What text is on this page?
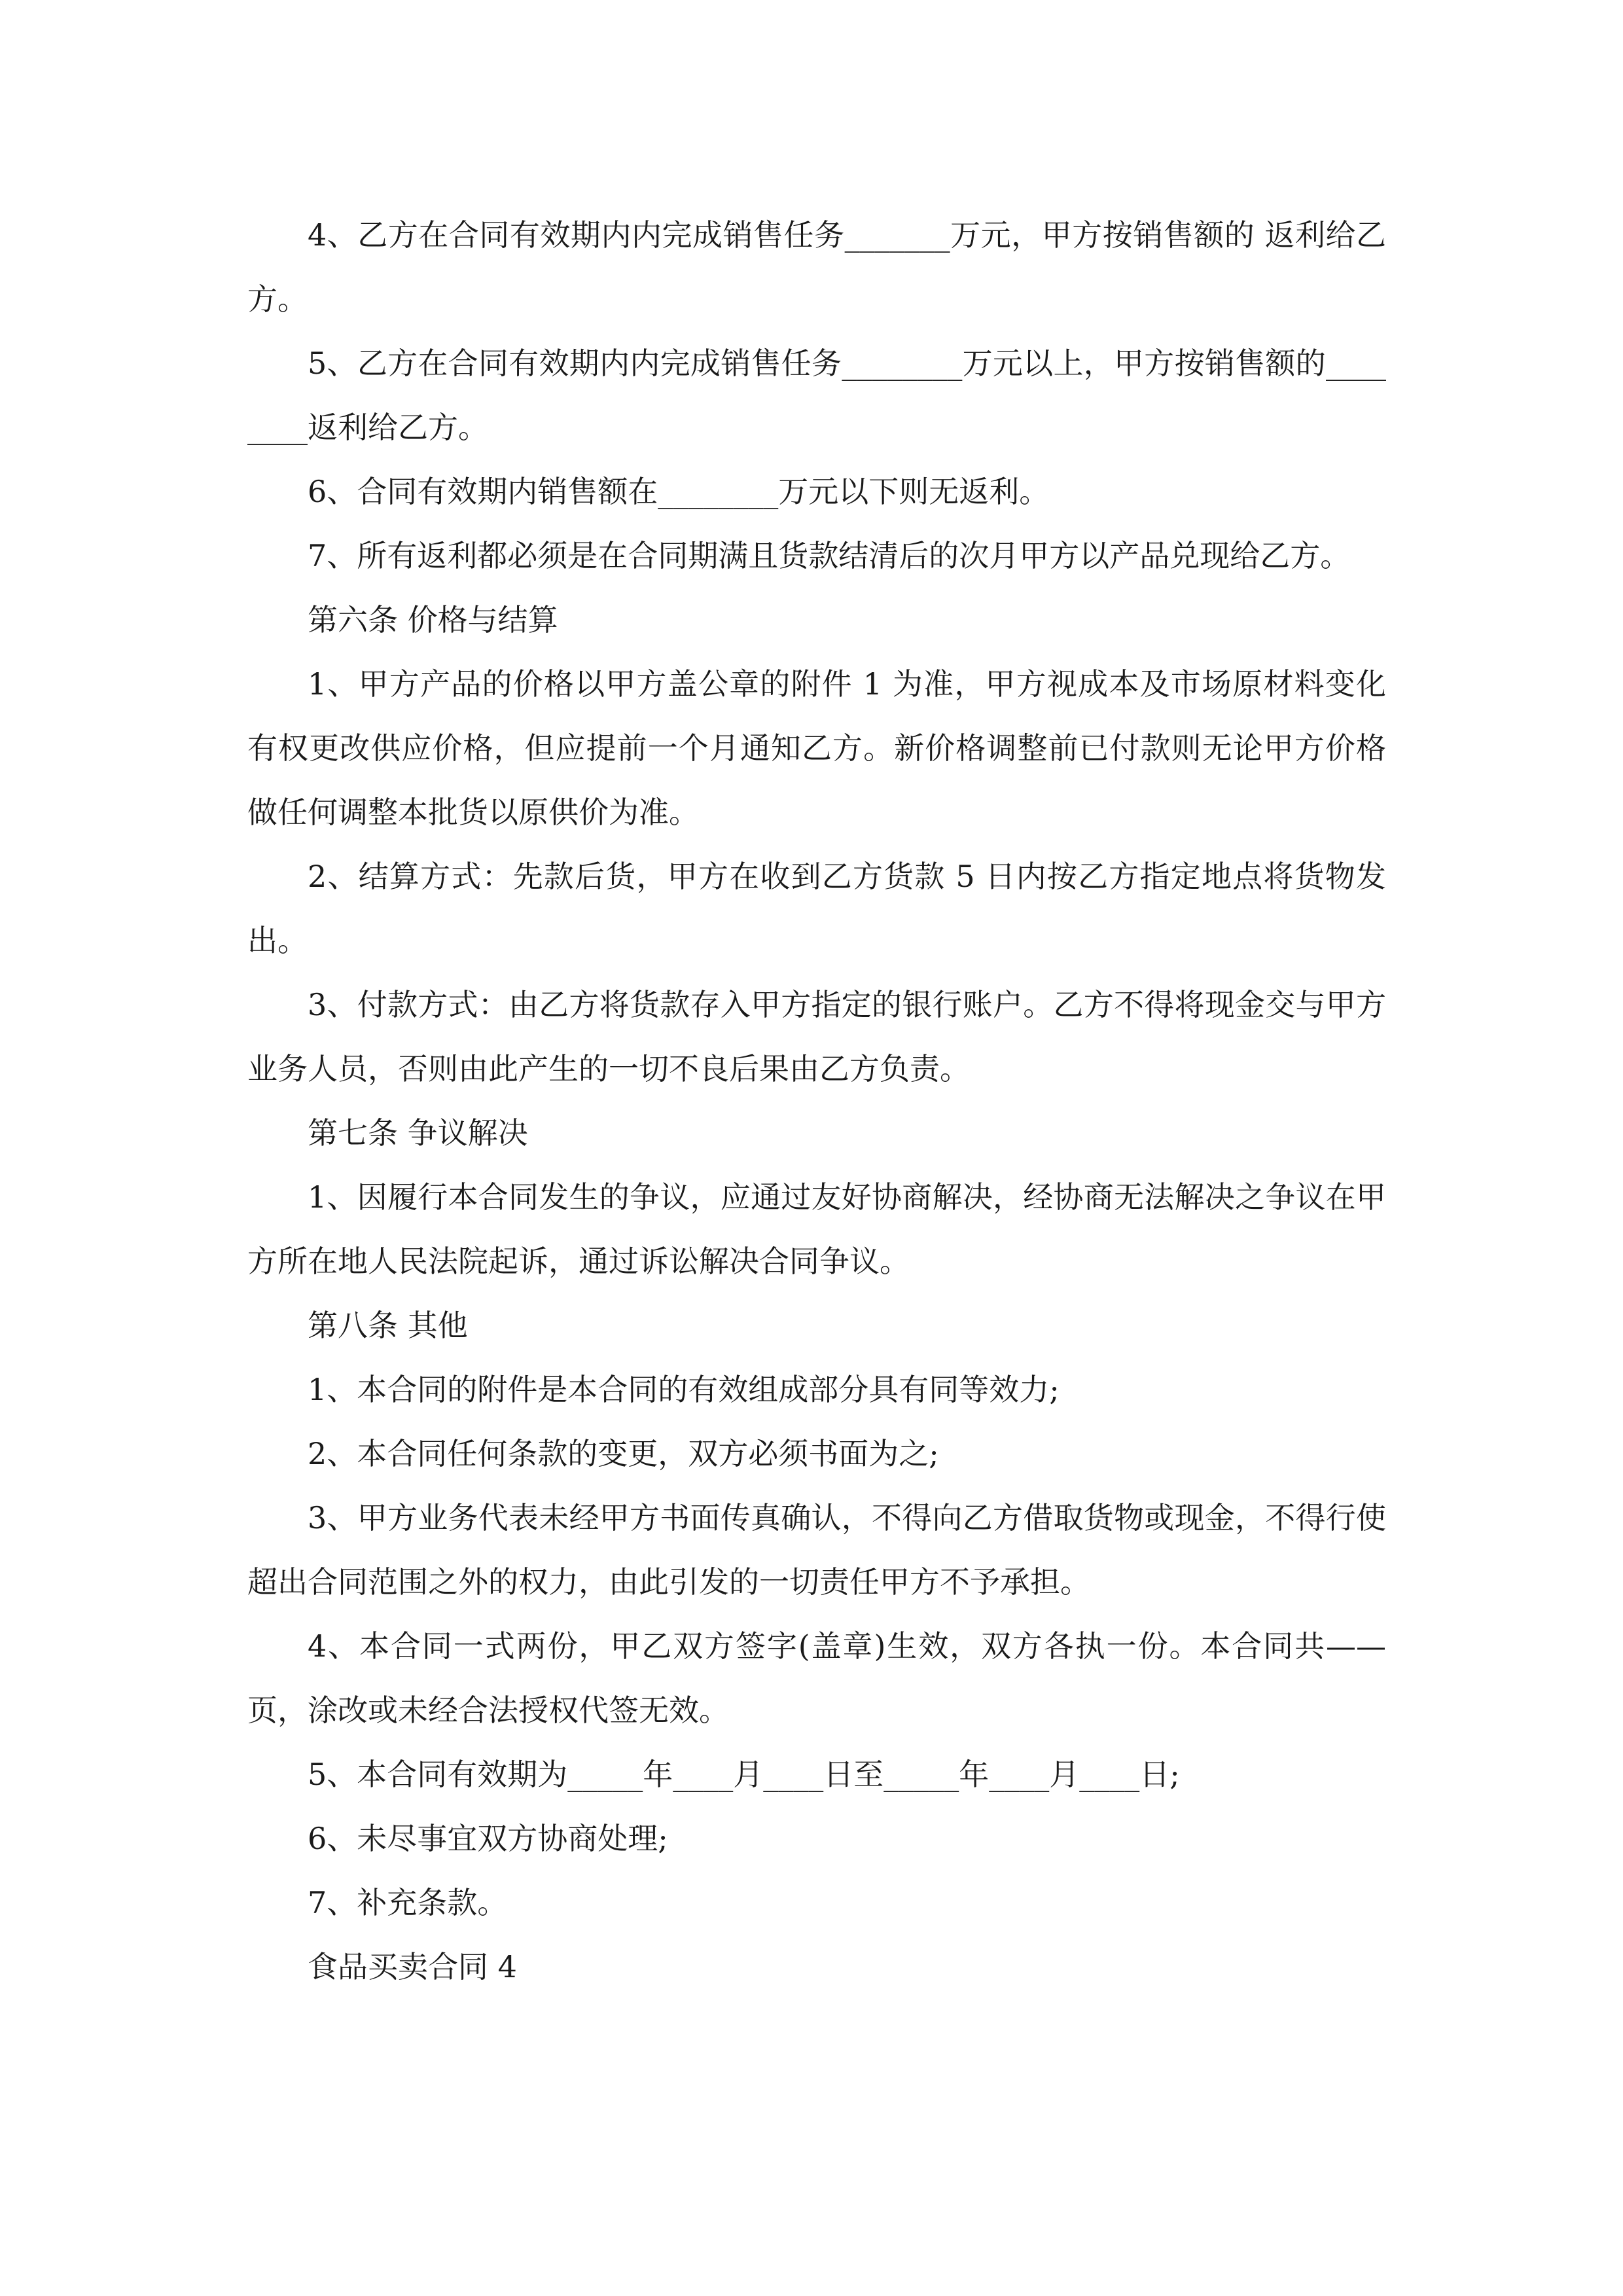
4、乙方在合同有效期内内完成销售任务_______万元，甲方按销售额的 返利给乙方。

5、乙方在合同有效期内内完成销售任务________万元以上，甲方按销售额的________返利给乙方。

6、合同有效期内销售额在________万元以下则无返利。

7、所有返利都必须是在合同期满且货款结清后的次月甲方以产品兑现给乙方。

第六条 价格与结算

1、甲方产品的价格以甲方盖公章的附件 1 为准，甲方视成本及市场原材料变化有权更改供应价格，但应提前一个月通知乙方。新价格调整前已付款则无论甲方价格做任何调整本批货以原供价为准。

2、结算方式：先款后货，甲方在收到乙方货款 5 日内按乙方指定地点将货物发出。

3、付款方式：由乙方将货款存入甲方指定的银行账户。乙方不得将现金交与甲方业务人员，否则由此产生的一切不良后果由乙方负责。

第七条 争议解决

1、因履行本合同发生的争议，应通过友好协商解决，经协商无法解决之争议在甲方所在地人民法院起诉，通过诉讼解决合同争议。

第八条 其他

1、本合同的附件是本合同的有效组成部分具有同等效力;

2、本合同任何条款的变更，双方必须书面为之;

3、甲方业务代表未经甲方书面传真确认，不得向乙方借取货物或现金，不得行使超出合同范围之外的权力，由此引发的一切责任甲方不予承担。

4、本合同一式两份，甲乙双方签字(盖章)生效，双方各执一份。本合同共—— 页，涂改或未经合法授权代签无效。

5、本合同有效期为_____年____月____日至_____年____月____日;

6、未尽事宜双方协商处理;

7、补充条款。

食品买卖合同 4
